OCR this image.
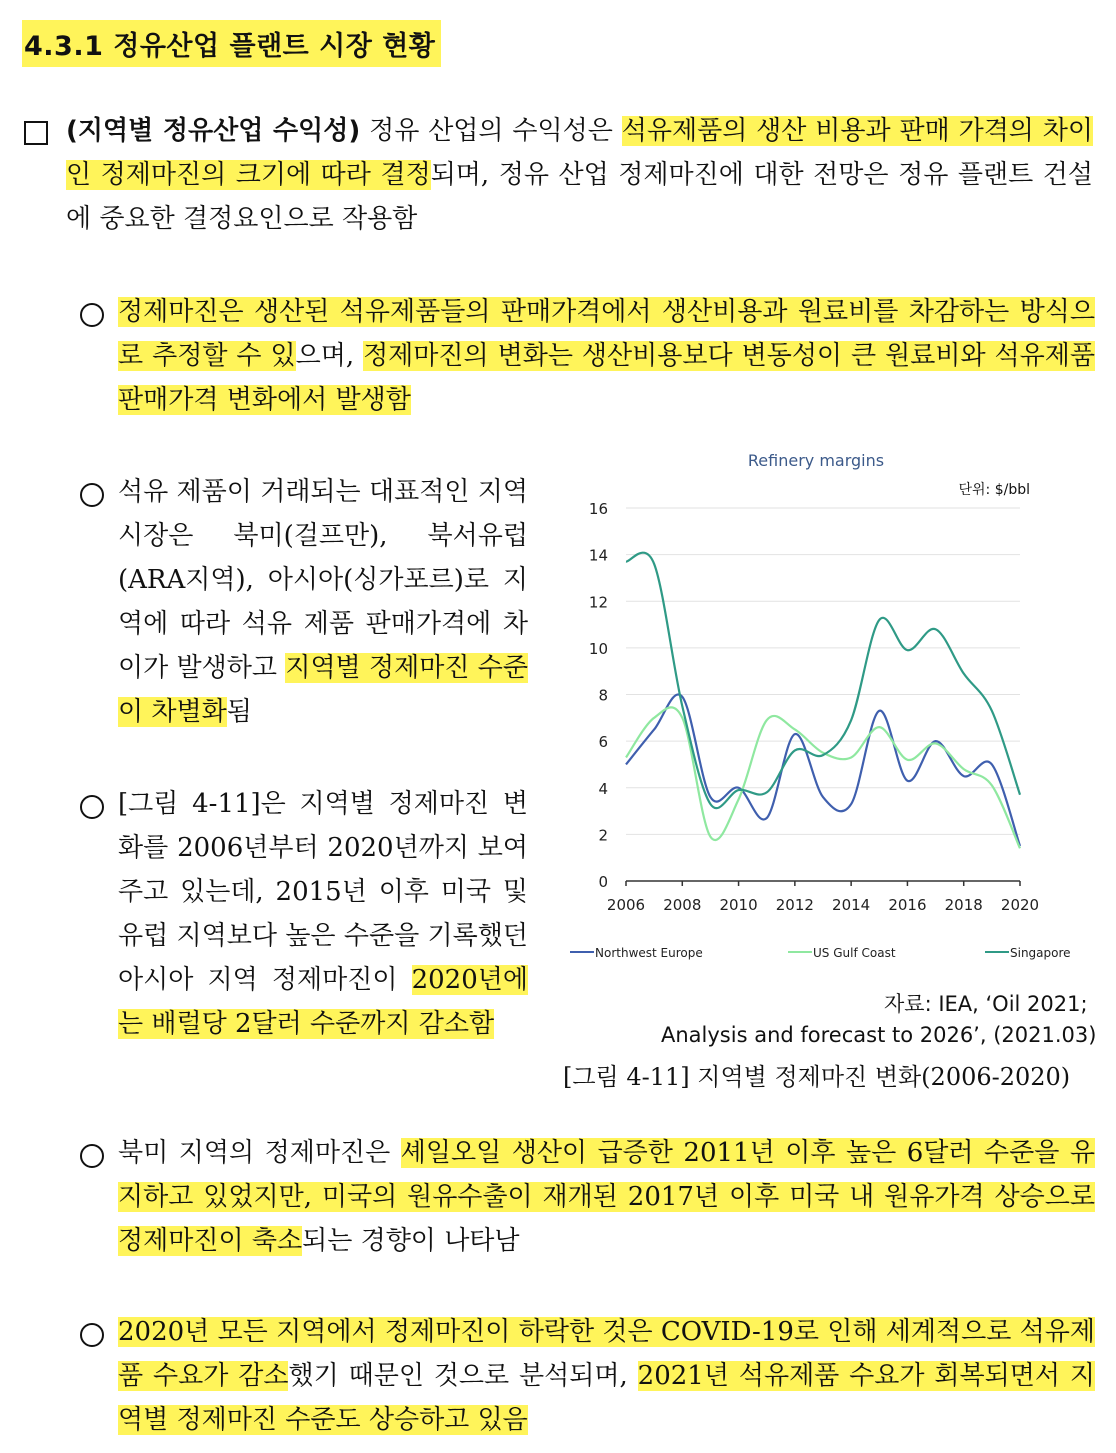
4.3.1 정유산업 플랜트 시장 현황
(지역별 정유산업 수익성) 정유 산업의 수익성은 석유제품의 생산 비용과 판매 가격의 차이인 정제마진의 크기에 따라 결정되며, 정유 산업 정제마진에 대한 전망은 정유 플랜트 건설에 중요한 결정요인으로 작용함
정제마진은 생산된 석유제품들의 판매가격에서 생산비용과 원료비를 차감하는 방식으로 추정할 수 있으며, 정제마진의 변화는 생산비용보다 변동성이 큰 원료비와 석유제품 판매가격 변화에서 발생함
석유 제품이 거래되는 대표적인 지역 시장은 북미(걸프만), 북서유럽(ARA지역), 아시아(싱가포르)로 지역에 따라 석유 제품 판매가격에 차이가 발생하고 지역별 정제마진 수준이 차별화됨
[그림 4-11]은 지역별 정제마진 변화를 2006년부터 2020년까지 보여주고 있는데, 2015년 이후 미국 및 유럽 지역보다 높은 수준을 기록했던 아시아 지역 정제마진이 2020년에는 배럴당 2달러 수준까지 감소함
Refinery margins
단위: $/bbl
0
2
4
6
8
10
12
14
16
2006 2008 2010 2012 2014 2016 2018 2020
Northwest Europe	US Gulf Coast	Singapore
자료: IEA, ‘Oil 2021;
Analysis and forecast to 2026’, (2021.03)
[그림 4-11] 지역별 정제마진 변화(2006-2020)
북미 지역의 정제마진은 셰일오일 생산이 급증한 2011년 이후 높은 6달러 수준을 유지하고 있었지만, 미국의 원유수출이 재개된 2017년 이후 미국 내 원유가격 상승으로 정제마진이 축소되는 경향이 나타남
2020년 모든 지역에서 정제마진이 하락한 것은 COVID-19로 인해 세계적으로 석유제품 수요가 감소했기 때문인 것으로 분석되며, 2021년 석유제품 수요가 회복되면서 지역별 정제마진 수준도 상승하고 있음
